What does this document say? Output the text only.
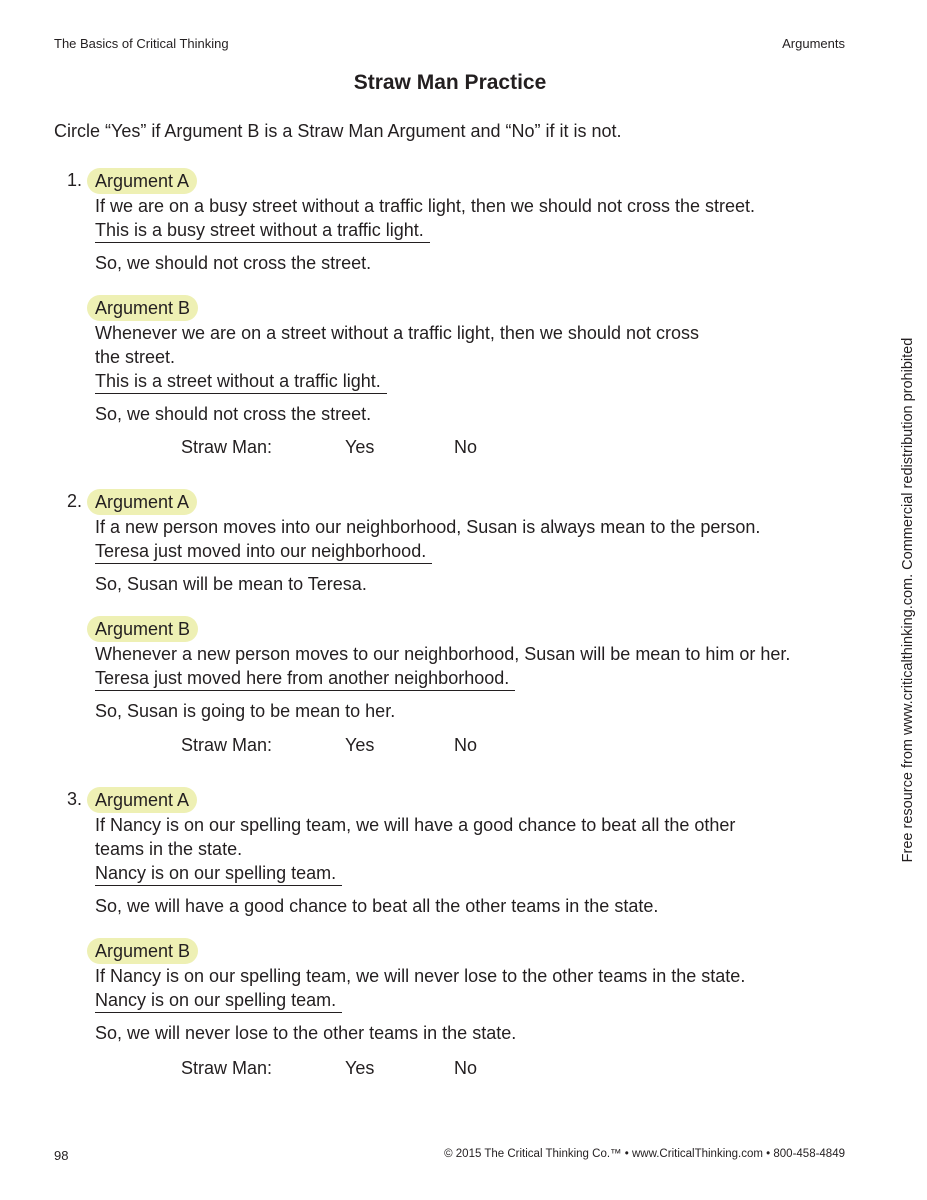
The Basics of Critical Thinking	Arguments
Straw Man Practice
Circle “Yes” if Argument B is a Straw Man Argument and “No” if it is not.
1. Argument A
If we are on a busy street without a traffic light, then we should not cross the street.
This is a busy street without a traffic light.
So, we should not cross the street.
Argument B
Whenever we are on a street without a traffic light, then we should not cross
the street.
This is a street without a traffic light.
So, we should not cross the street.
Straw Man:	Yes	No
2. Argument A
If a new person moves into our neighborhood, Susan is always mean to the person.
Teresa just moved into our neighborhood.
So, Susan will be mean to Teresa.
Argument B
Whenever a new person moves to our neighborhood, Susan will be mean to him or her.
Teresa just moved here from another neighborhood.
So, Susan is going to be mean to her.
Straw Man:	Yes	No
3. Argument A
If Nancy is on our spelling team, we will have a good chance to beat all the other
teams in the state.
Nancy is on our spelling team.
So, we will have a good chance to beat all the other teams in the state.
Argument B
If Nancy is on our spelling team, we will never lose to the other teams in the state.
Nancy is on our spelling team.
So, we will never lose to the other teams in the state.
Straw Man:	Yes	No
Free resource from www.criticalthinking.com. Commercial redistribution prohibited
98	© 2015 The Critical Thinking Co.™ • www.CriticalThinking.com • 800-458-4849
